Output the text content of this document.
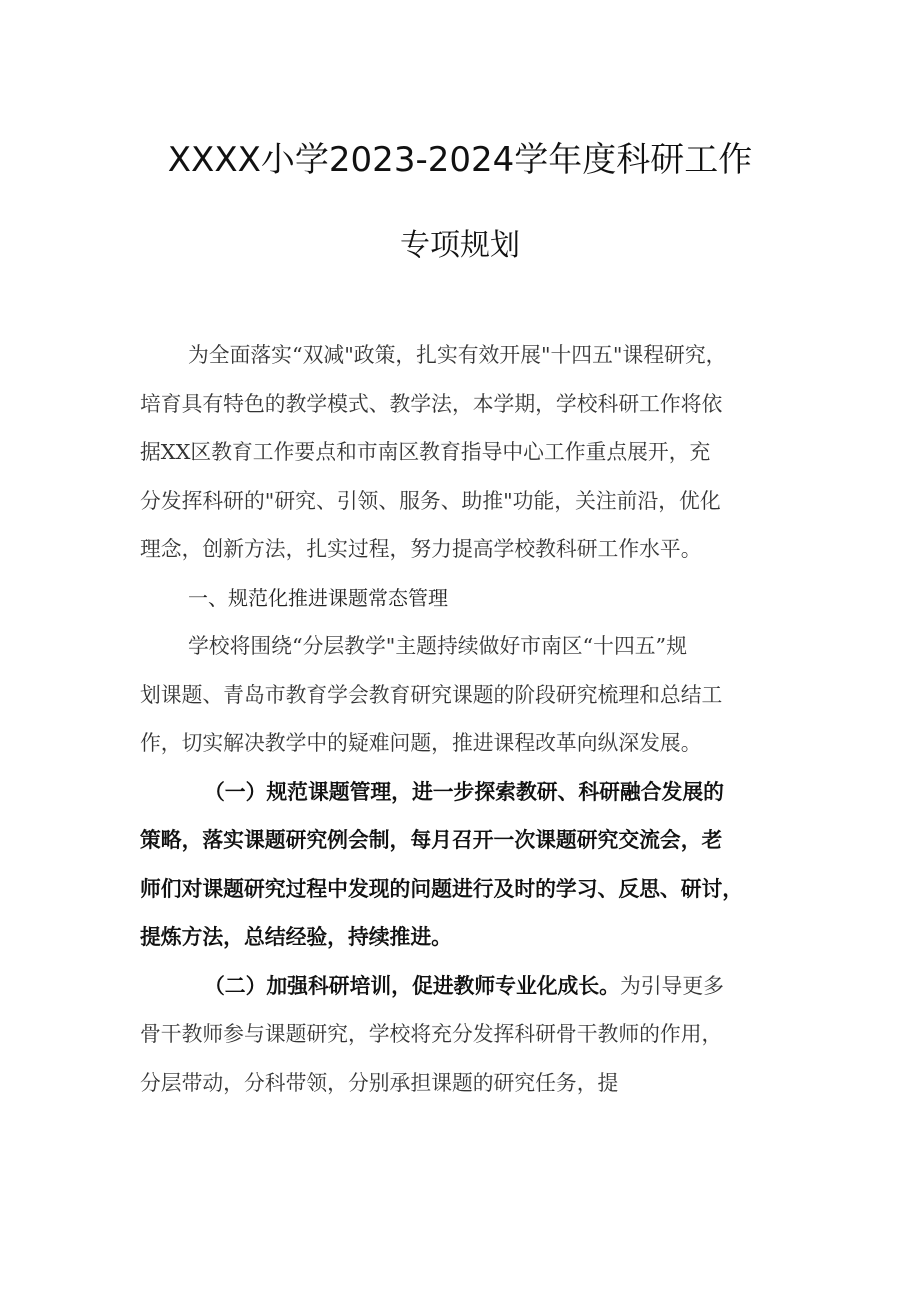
XXXX小学2023-2024学年度科研工作
专项规划
为全面落实“双减"政策，扎实有效开展"十四五"课程研究，
培育具有特色的教学模式、教学法，本学期，学校科研工作将依
据XX区教育工作要点和市南区教育指导中心工作重点展开，充
分发挥科研的"研究、引领、服务、助推"功能，关注前沿，优化
理念，创新方法，扎实过程，努力提高学校教科研工作水平。
一、规范化推进课题常态管理
学校将围绕“分层教学"主题持续做好市南区“十四五”规
划课题、青岛市教育学会教育研究课题的阶段研究梳理和总结工
作，切实解决教学中的疑难问题，推进课程改革向纵深发展。
（一）规范课题管理，进一步探索教研、科研融合发展的
策略，落实课题研究例会制，每月召开一次课题研究交流会，老
师们对课题研究过程中发现的问题进行及时的学习、反思、研讨，
提炼方法，总结经验，持续推进。
（二）加强科研培训，促进教师专业化成长。为引导更多
骨干教师参与课题研究，学校将充分发挥科研骨干教师的作用，
分层带动，分科带领，分别承担课题的研究任务，提
